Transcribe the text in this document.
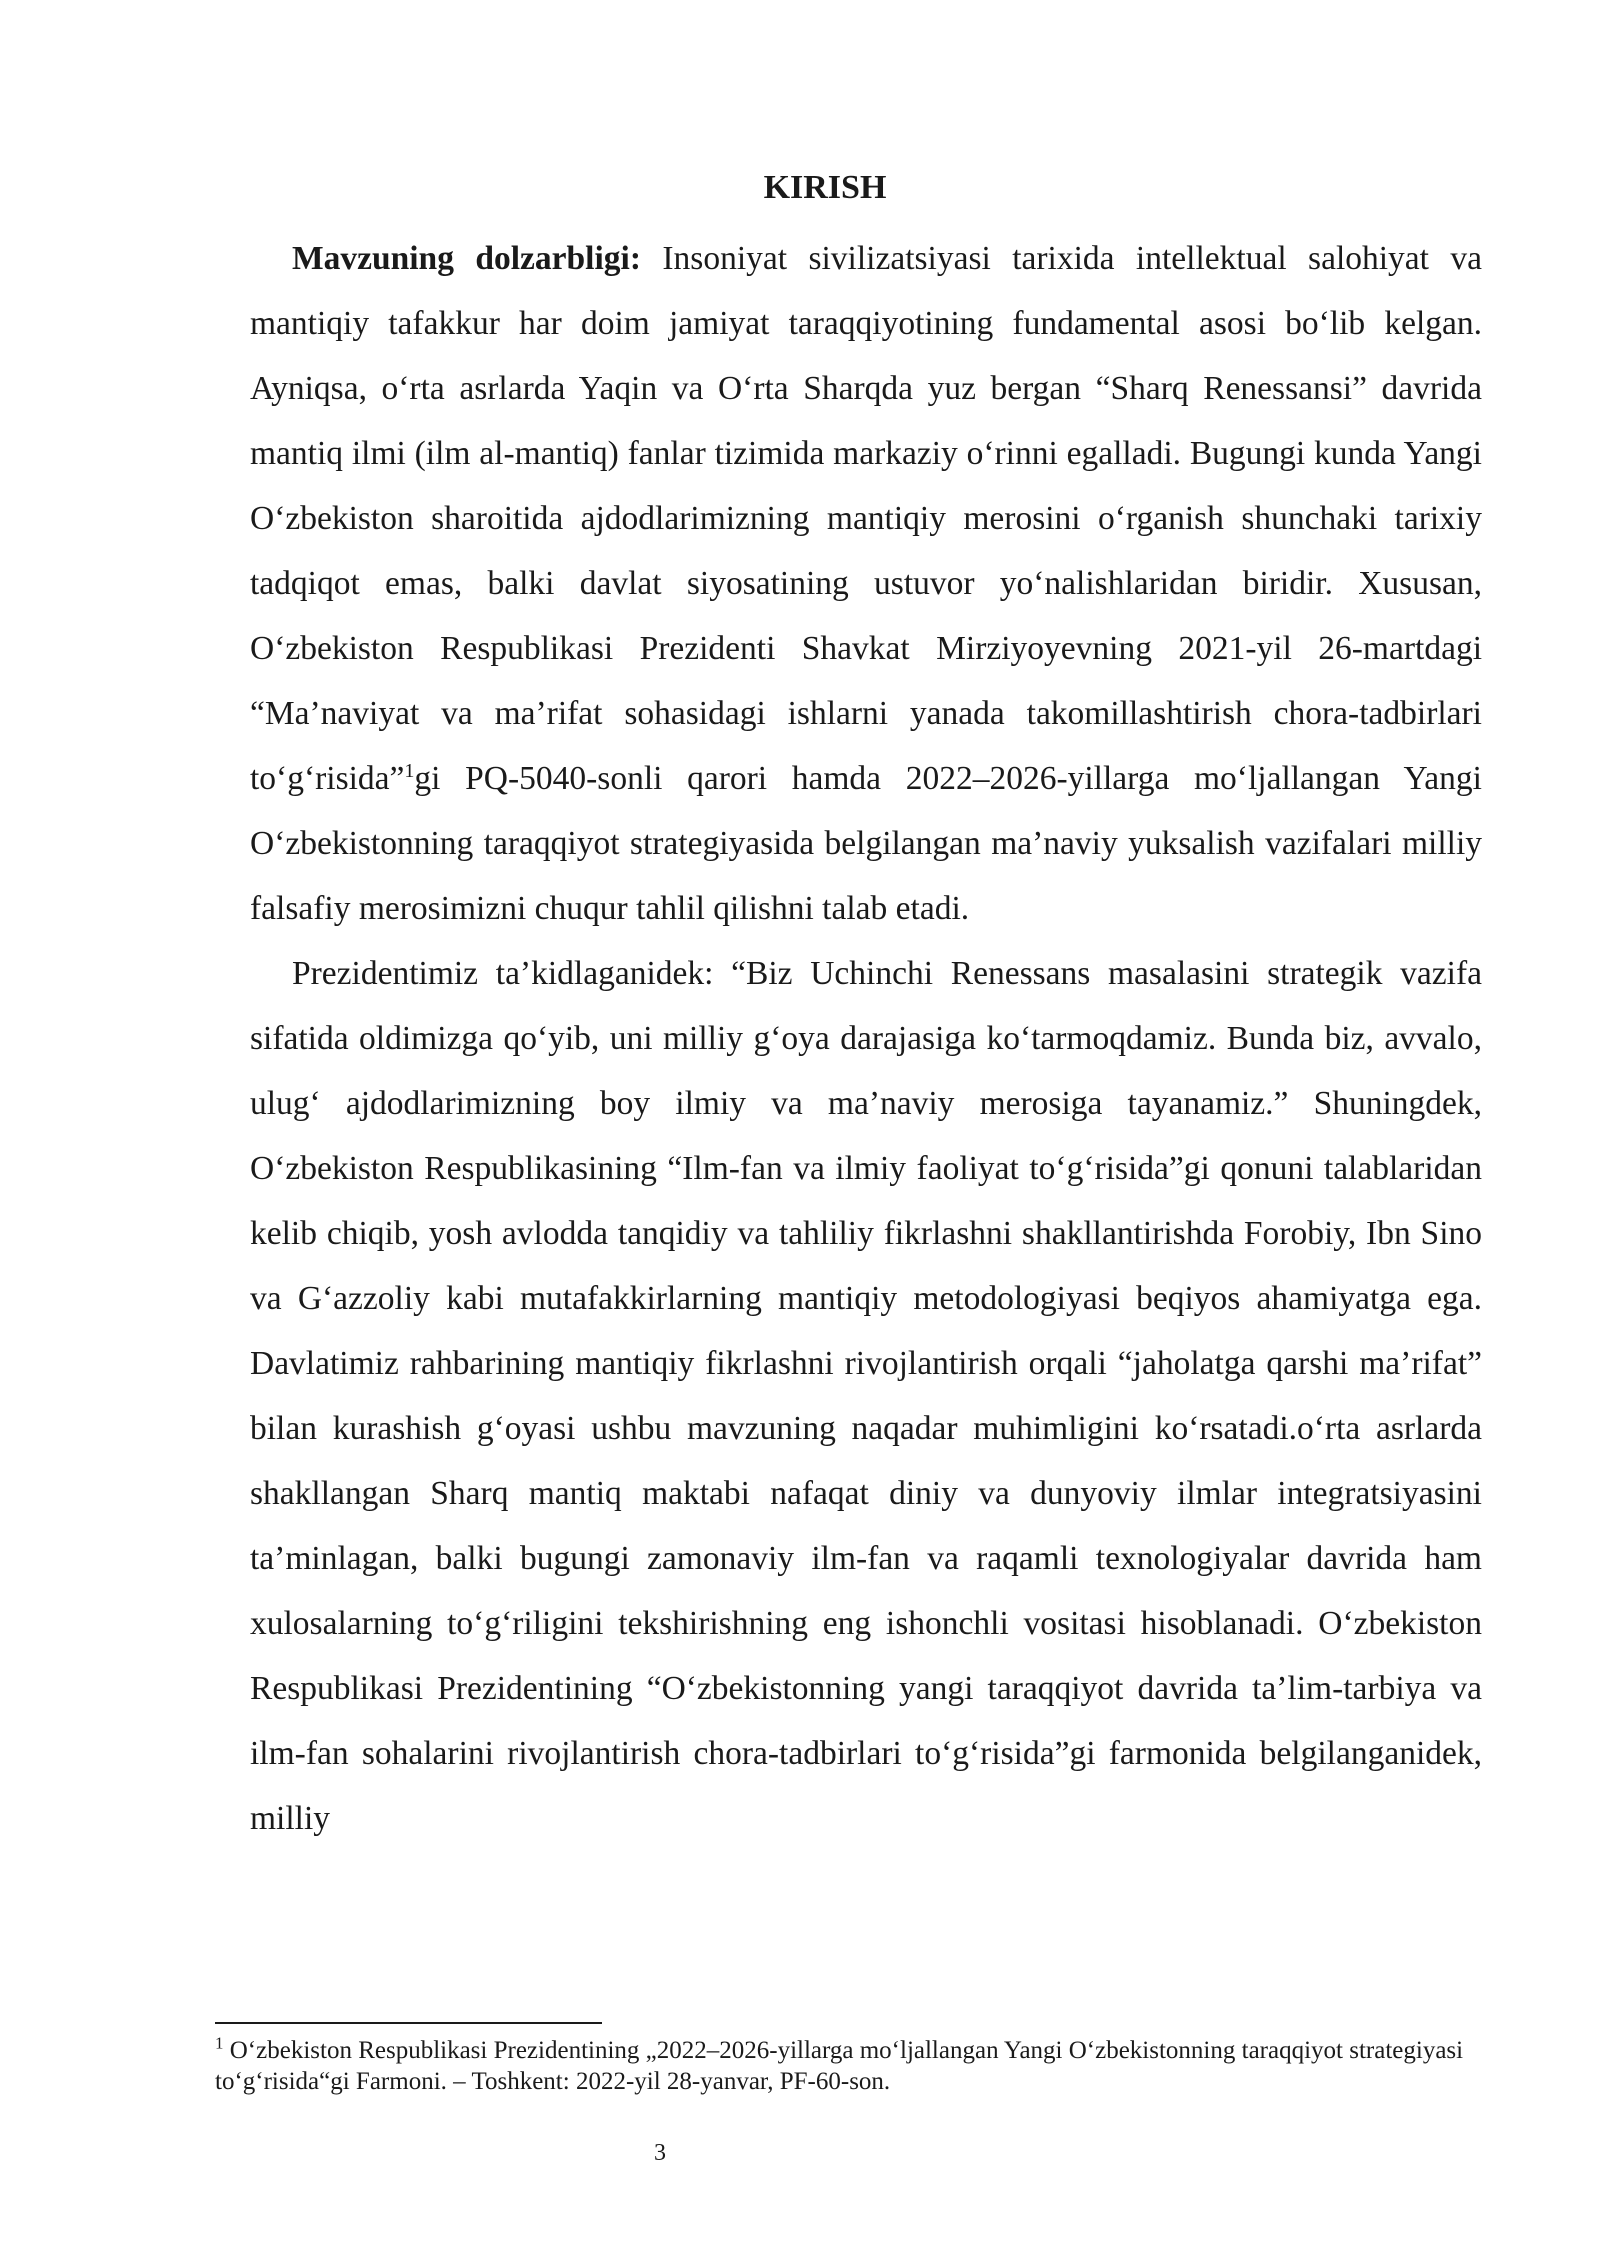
KIRISH

Mavzuning dolzarbligi: Insoniyat sivilizatsiyasi tarixida intellektual salohiyat va mantiqiy tafakkur har doim jamiyat taraqqiyotining fundamental asosi bo‘lib kelgan. Ayniqsa, o‘rta asrlarda Yaqin va O‘rta Sharqda yuz bergan “Sharq Renessansi” davrida mantiq ilmi (ilm al-mantiq) fanlar tizimida markaziy o‘rinni egalladi. Bugungi kunda Yangi O‘zbekiston sharoitida ajdodlarimizning mantiqiy merosini o‘rganish shunchaki tarixiy tadqiqot emas, balki davlat siyosatining ustuvor yo‘nalishlaridan biridir. Xususan, O‘zbekiston Respublikasi Prezidenti Shavkat Mirziyoyevning 2021-yil 26-martdagi “Ma’naviyat va ma’rifat sohasidagi ishlarni yanada takomillashtirish chora-tadbirlari to‘g‘risida”$^1$gi PQ-5040-sonli qarori hamda 2022–2026-yillarga mo‘ljallangan Yangi O‘zbekistonning taraqqiyot strategiyasida belgilangan ma’naviy yuksalish vazifalari milliy falsafiy merosimizni chuqur tahlil qilishni talab etadi.

Prezidentimiz ta’kidlaganidek: “Biz Uchinchi Renessans masalasini strategik vazifa sifatida oldimizga qo‘yib, uni milliy g‘oya darajasiga ko‘tarmoqdamiz. Bunda biz, avvalo, ulug‘ ajdodlarimizning boy ilmiy va ma’naviy merosiga tayanamiz.” Shuningdek, O‘zbekiston Respublikasining “Ilm-fan va ilmiy faoliyat to‘g‘risida”gi qonuni talablaridan kelib chiqib, yosh avlodda tanqidiy va tahliliy fikrlashni shakllantirishda Forobiy, Ibn Sino va G‘azzoliy kabi mutafakkirlarning mantiqiy metodologiyasi beqiyos ahamiyatga ega. Davlatimiz rahbarining mantiqiy fikrlashni rivojlantirish orqali “jaholatga qarshi ma’rifat” bilan kurashish g‘oyasi ushbu mavzuning naqadar muhimligini ko‘rsatadi.o‘rta asrlarda shakllangan Sharq mantiq maktabi nafaqat diniy va dunyoviy ilmlar integratsiyasini ta’minlagan, balki bugungi zamonaviy ilm-fan va raqamli texnologiyalar davrida ham xulosalarning to‘g‘riligini tekshirishning eng ishonchli vositasi hisoblanadi. O‘zbekiston Respublikasi Prezidentining “O‘zbekistonning yangi taraqqiyot davrida ta’lim-tarbiya va ilm-fan sohalarini rivojlantirish chora-tadbirlari to‘g‘risida”gi farmonida belgilanganidek, milliy

$^1$ O‘zbekiston Respublikasi Prezidentining „2022–2026-yillarga mo‘ljallangan Yangi O‘zbekistonning taraqqiyot strategiyasi to‘g‘risida“gi Farmoni. – Toshkent: 2022-yil 28-yanvar, PF-60-son.
3
